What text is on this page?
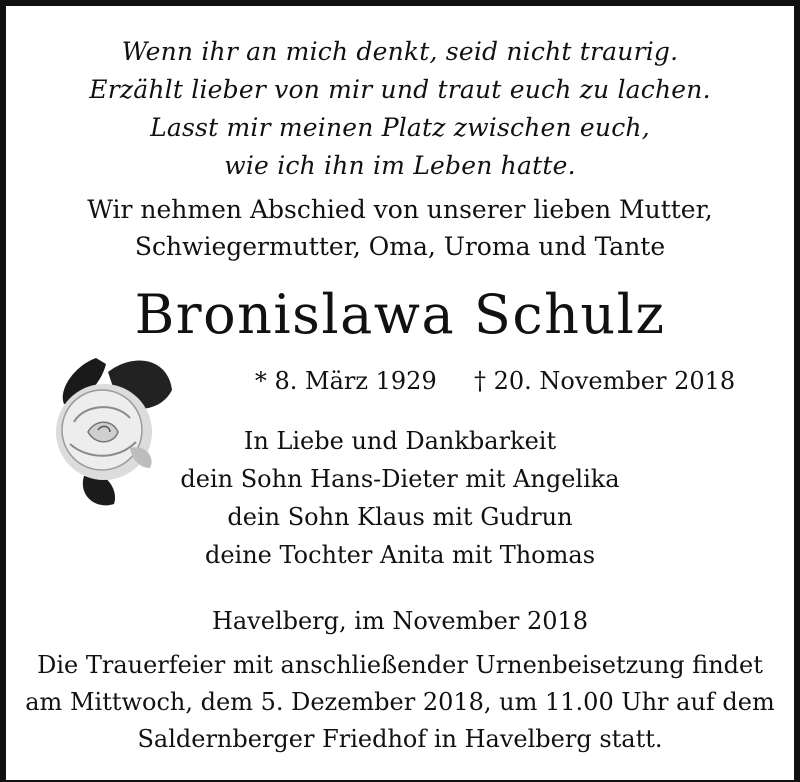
Wenn ihr an mich denkt, seid nicht traurig.
Erzählt lieber von mir und traut euch zu lachen.
Lasst mir meinen Platz zwischen euch,
wie ich ihn im Leben hatte.
Wir nehmen Abschied von unserer lieben Mutter,
Schwiegermutter, Oma, Uroma und Tante
Bronislawa Schulz
* 8. März 1929 † 20. November 2018
In Liebe und Dankbarkeit
dein Sohn Hans-Dieter mit Angelika
dein Sohn Klaus mit Gudrun
deine Tochter Anita mit Thomas
Havelberg, im November 2018
Die Trauerfeier mit anschließender Urnenbeisetzung findet
am Mittwoch, dem 5. Dezember 2018, um 11.00 Uhr auf dem
Saldernberger Friedhof in Havelberg statt.
